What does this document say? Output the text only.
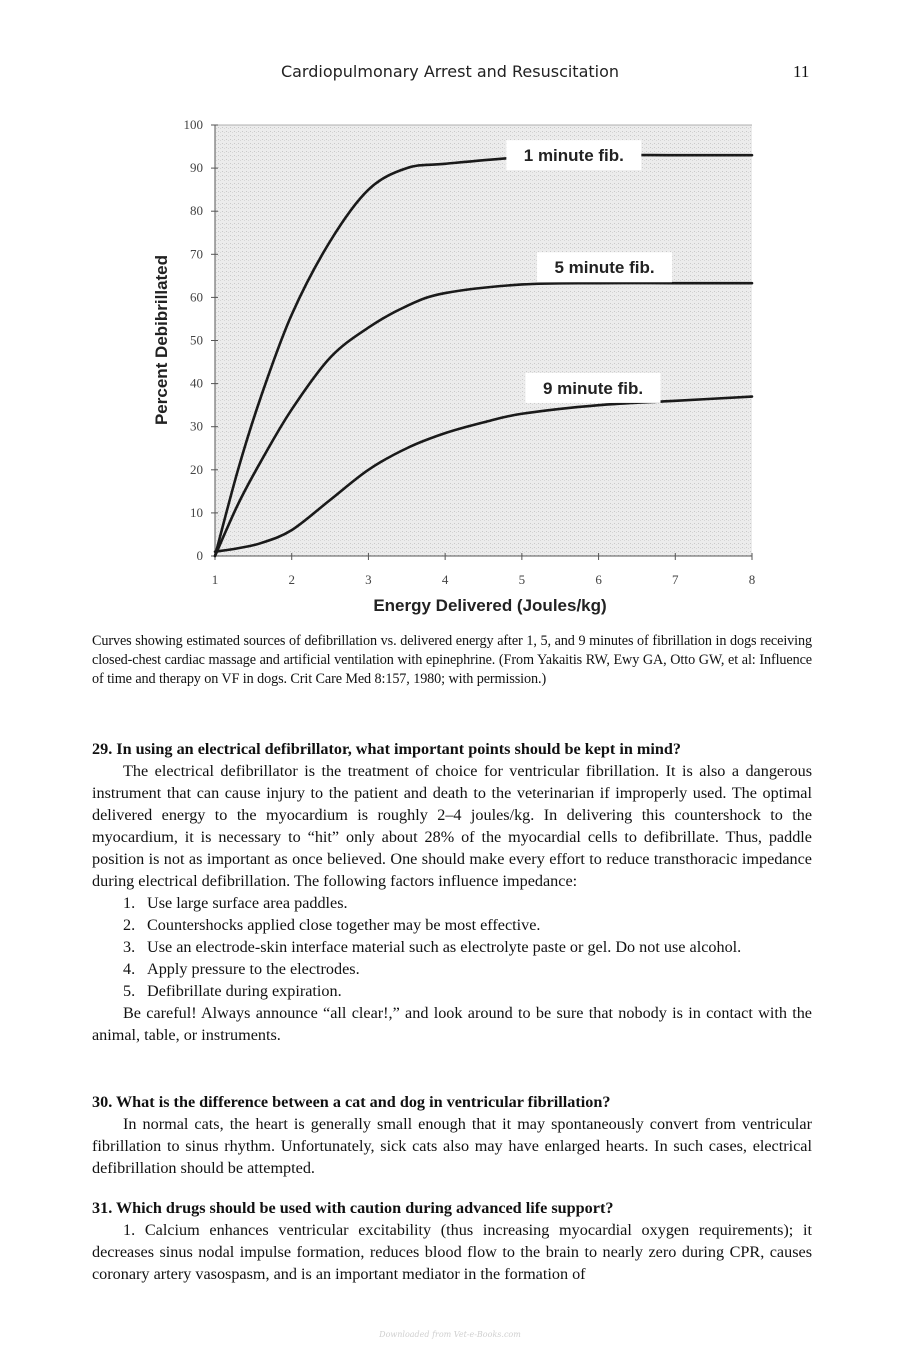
Cardiopulmonary Arrest and Resuscitation	11
0
10
20
30
40
50
60
70
80
90
100
1	2	3	4	5	6	7	8
1 minute fib.
5 minute fib.
9 minute fib.
Energy Delivered (Joules/kg)
Percent Debibrillated
Curves showing estimated sources of defibrillation vs. delivered energy after 1, 5, and 9 minutes of fibrillation in dogs receiving closed-chest cardiac massage and artificial ventilation with epinephrine. (From Yakaitis RW, Ewy GA, Otto GW, et al: Influence of time and therapy on VF in dogs. Crit Care Med 8:157, 1980; with permission.)

29. In using an electrical defibrillator, what important points should be kept in mind?

The electrical defibrillator is the treatment of choice for ventricular fibrillation. It is also a dangerous instrument that can cause injury to the patient and death to the veterinarian if improperly used. The optimal delivered energy to the myocardium is roughly 2–4 joules/kg. In delivering this countershock to the myocardium, it is necessary to “hit” only about 28% of the myocardial cells to defibrillate. Thus, paddle position is not as important as once believed. One should make every effort to reduce transthoracic impedance during electrical defibrillation. The following factors influence impedance:

1. Use large surface area paddles.
2. Countershocks applied close together may be most effective.
3. Use an electrode-skin interface material such as electrolyte paste or gel. Do not use alcohol.
4. Apply pressure to the electrodes.
5. Defibrillate during expiration.

Be careful! Always announce “all clear!,” and look around to be sure that nobody is in contact with the animal, table, or instruments.

30. What is the difference between a cat and dog in ventricular fibrillation?

In normal cats, the heart is generally small enough that it may spontaneously convert from ventricular fibrillation to sinus rhythm. Unfortunately, sick cats also may have enlarged hearts. In such cases, electrical defibrillation should be attempted.

31. Which drugs should be used with caution during advanced life support?

1. Calcium enhances ventricular excitability (thus increasing myocardial oxygen requirements); it decreases sinus nodal impulse formation, reduces blood flow to the brain to nearly zero during CPR, causes coronary artery vasospasm, and is an important mediator in the formation of

Downloaded from Vet-e-Books.com
